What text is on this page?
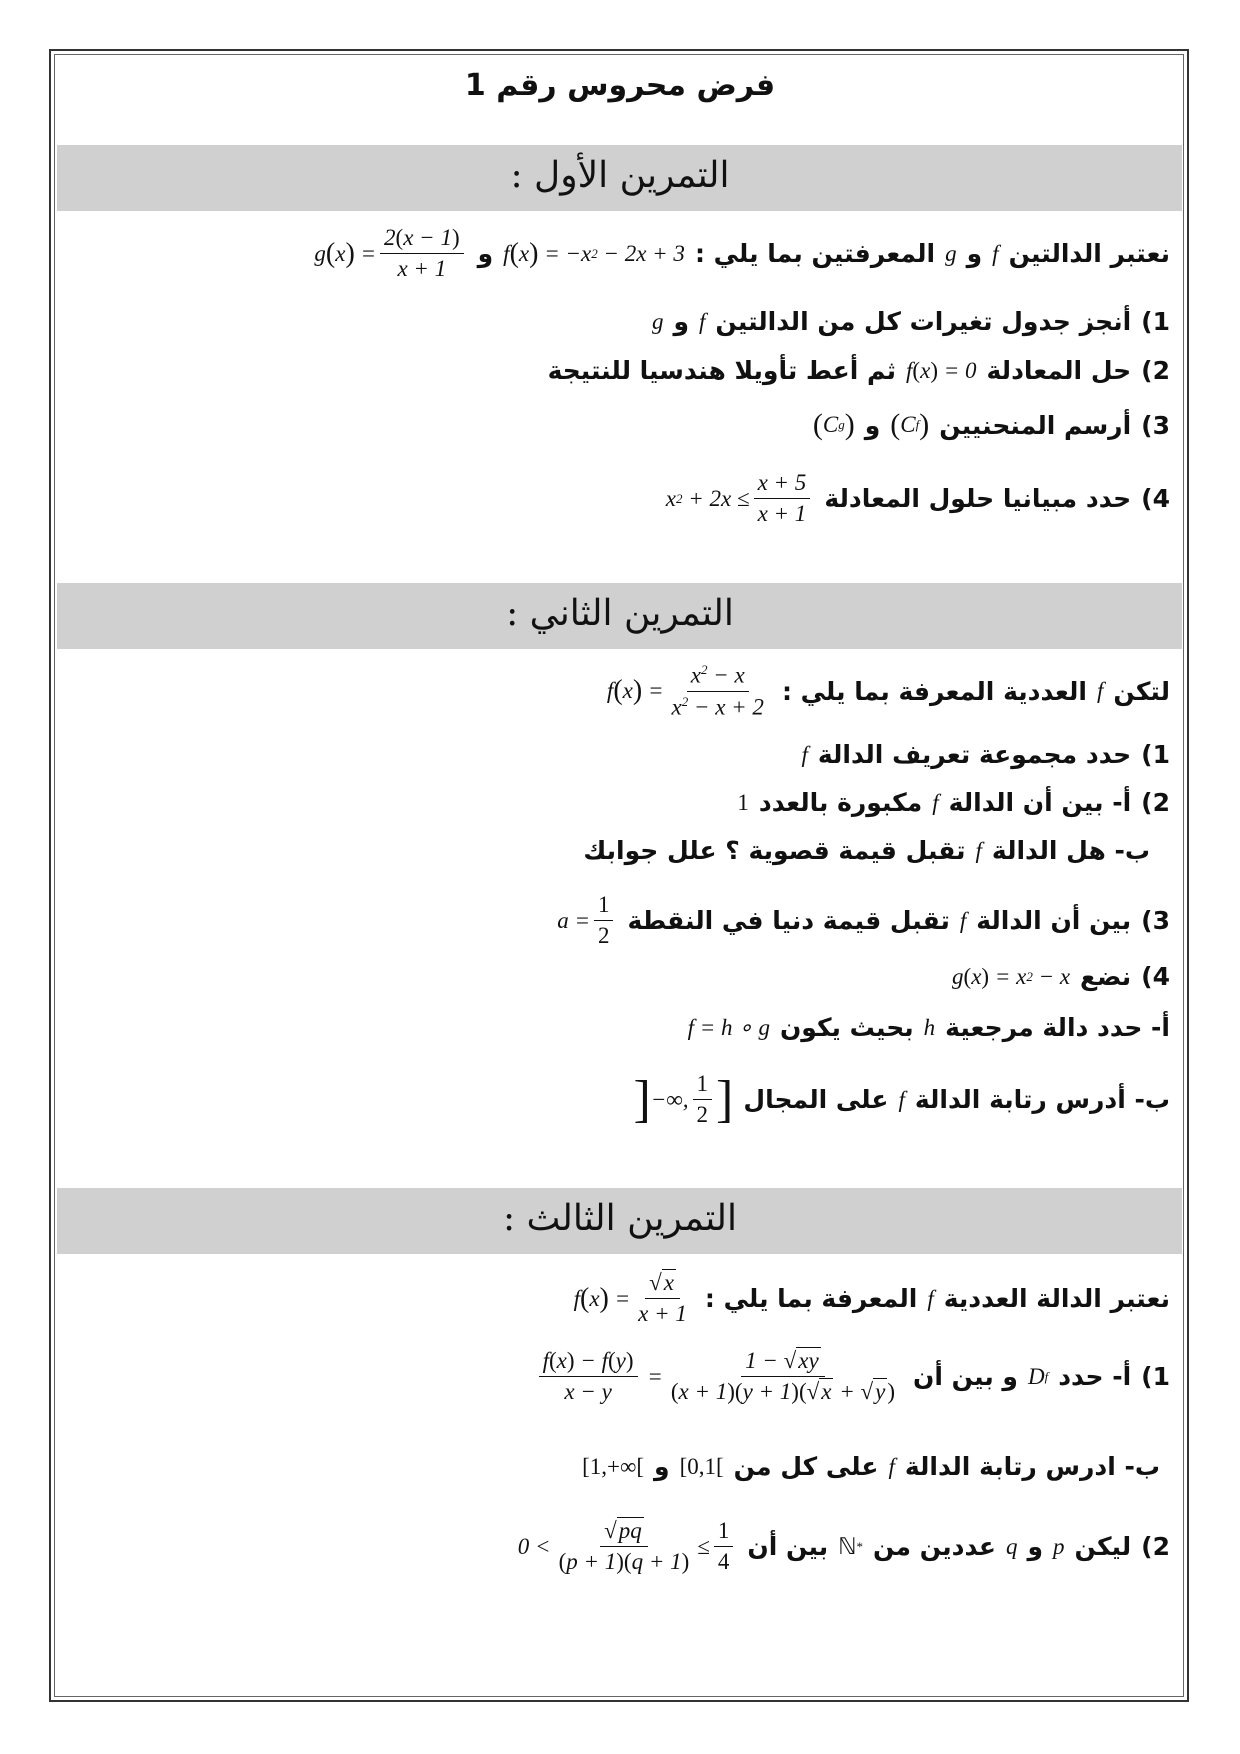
فرض محروس رقم 1
التمرين الأول :
نعتبر الدالتين
f
و
g
المعرفتين بما يلي :
f ( x ) = −x 2 − 2x + 3
و
g ( x ) = $\frac{2(x - 1)}{x + 1}$
1)
أنجز جدول تغيرات كل من الدالتين
f
و
g
2)
حل المعادلة
f ( x ) = 0
ثم أعط تأويلا هندسيا للنتيجة
3)
أرسم المنحنيين
( C f )
و
( C g )
4)
حدد مبيانيا حلول المعادلة
x $2 + 2x \le \frac{x + 5}{x + 1}$
التمرين الثاني :
لتكن
f
العددية المعرفة بما يلي :
f ( x ) = $\frac{x^2 - x}{x^2 - x + 2}$
1)
حدد مجموعة تعريف الدالة
f
2)
أ- بين أن الدالة
f
مكبورة بالعدد
1
ب- هل الدالة
f
تقبل قيمة قصوية ؟ علل جوابك
3)
بين أن الدالة
f
تقبل قيمة دنيا في النقطة
$a = \frac{1}{2}$
4)
نضع
g ( x ) = x 2 − x
أ- حدد دالة مرجعية
h
بحيث يكون
f = h ∘ g
ب- أدرس رتابة الدالة
f
على المجال
] −∞, $\frac{1}{2}$ ]
التمرين الثالث :
نعتبر الدالة العددية
f
المعرفة بما يلي :
f ( x ) = $\frac{√x}{x + 1}$
1)
أ- حدد
D f
و بين أن
$\frac{f(x) - f(y)}{x - y} = \frac{1 - √xy}{(x + 1)(y + 1)(√x + √y)}$
ب- ادرس رتابة الدالة
f
على كل من
[0,1[
و
[1,+∞[
2)
ليكن
p
و
q
عددين من
ℕ *
بين أن
$0 < \frac{√pq}{(p + 1)(q + 1)} \le \frac{1}{4}$
